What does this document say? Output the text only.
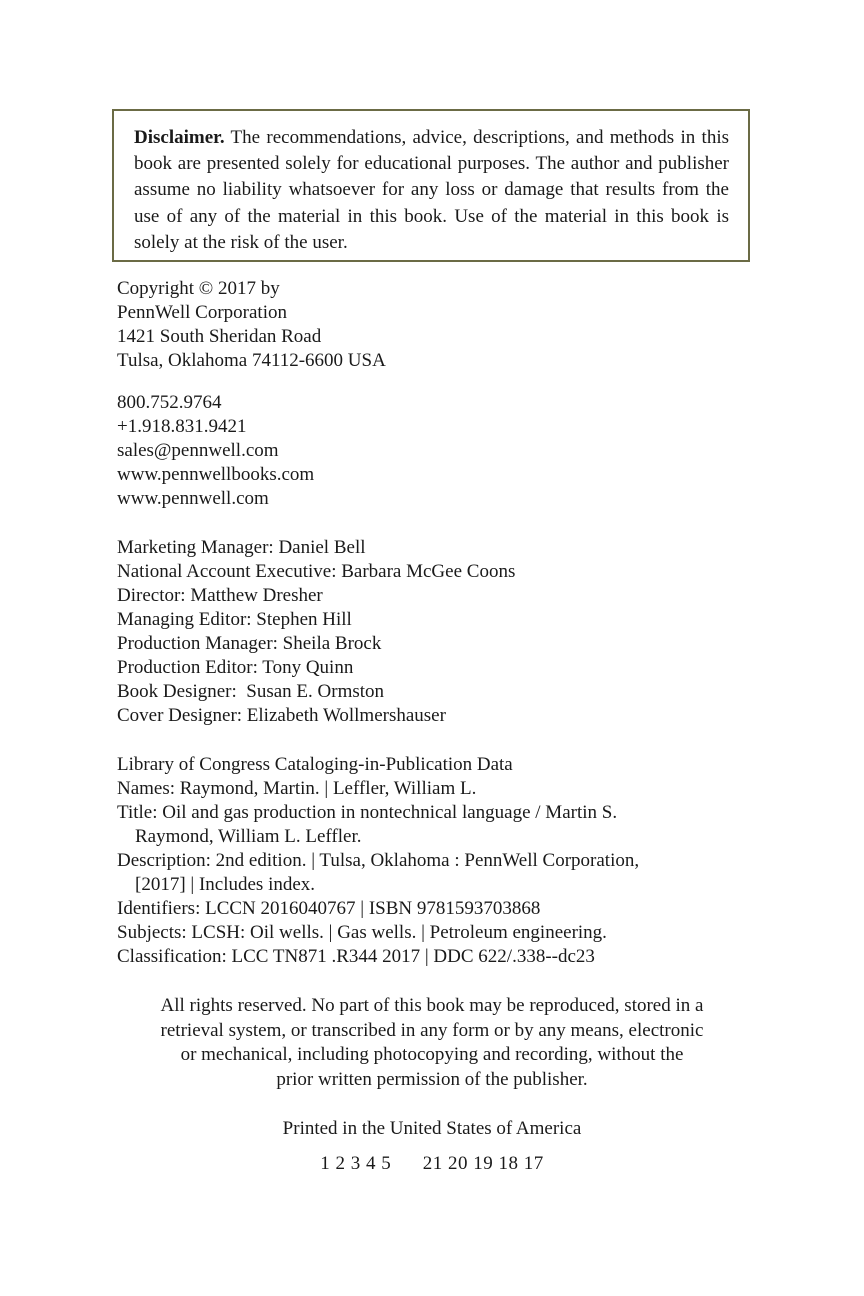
Disclaimer. The recommendations, advice, descriptions, and methods in this book are presented solely for educational purposes. The author and publisher assume no liability whatsoever for any loss or damage that results from the use of any of the material in this book. Use of the material in this book is solely at the risk of the user.

Copyright © 2017 by
PennWell Corporation
1421 South Sheridan Road
Tulsa, Oklahoma 74112-6600 USA
800.752.9764
+1.918.831.9421
sales@pennwell.com
www.pennwellbooks.com
www.pennwell.com
Marketing Manager: Daniel Bell
National Account Executive: Barbara McGee Coons
Director: Matthew Dresher
Managing Editor: Stephen Hill
Production Manager: Sheila Brock
Production Editor: Tony Quinn
Book Designer:  Susan E. Ormston
Cover Designer: Elizabeth Wollmershauser
Library of Congress Cataloging-in-Publication Data
Names: Raymond, Martin. | Leffler, William L.
Title: Oil and gas production in nontechnical language / Martin S.
Raymond, William L. Leffler.
Description: 2nd edition. | Tulsa, Oklahoma : PennWell Corporation,
[2017] | Includes index.
Identifiers: LCCN 2016040767 | ISBN 9781593703868
Subjects: LCSH: Oil wells. | Gas wells. | Petroleum engineering.
Classification: LCC TN871 .R344 2017 | DDC 622/.338--dc23
All rights reserved. No part of this book may be reproduced, stored in a
retrieval system, or transcribed in any form or by any means, electronic
or mechanical, including photocopying and recording, without the
prior written permission of the publisher.
Printed in the United States of America
1 2 3 4 5      21 20 19 18 17
